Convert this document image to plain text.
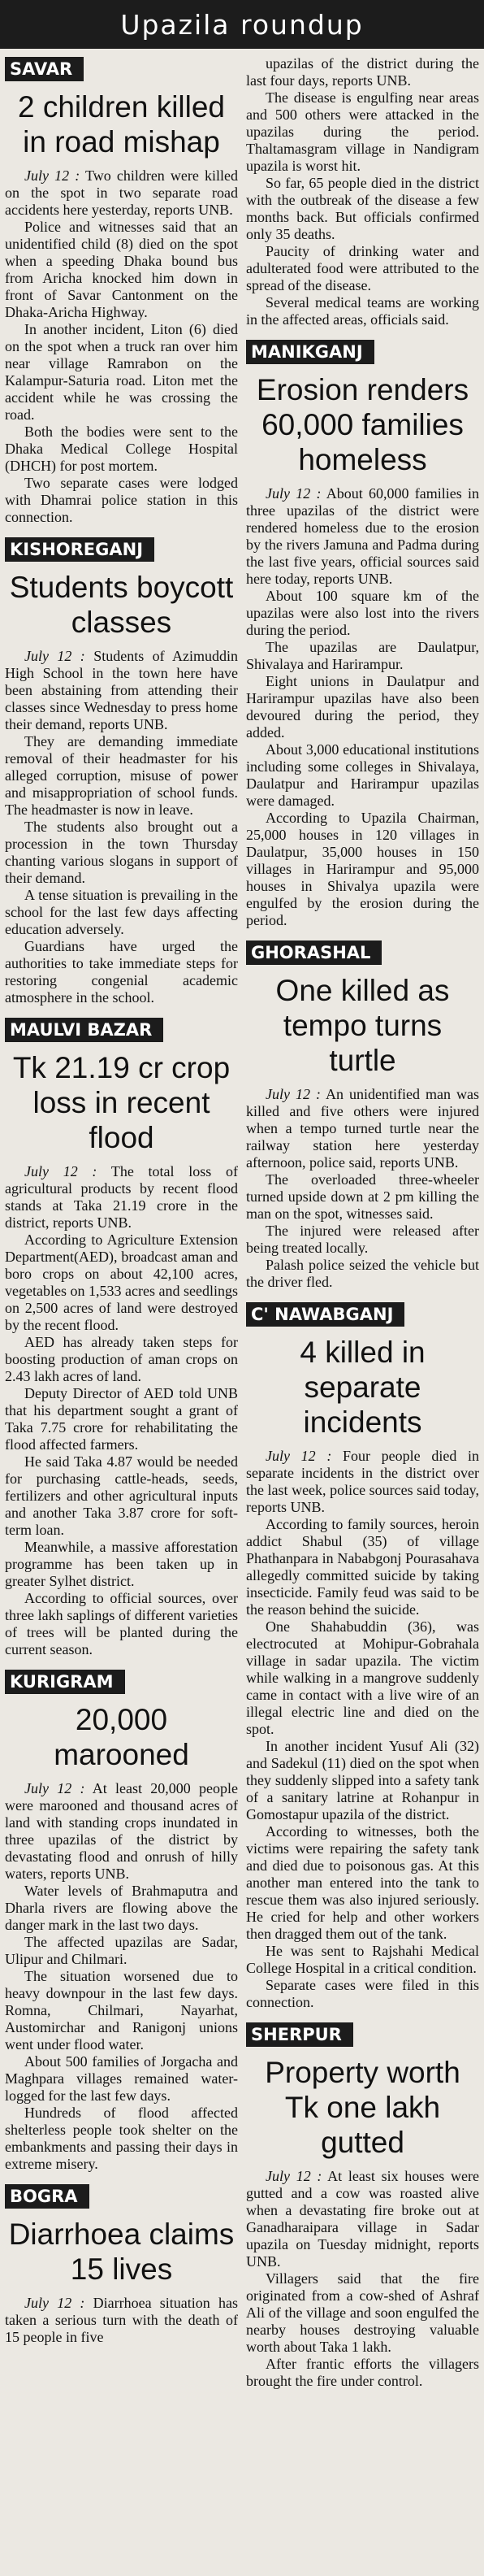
Upazila roundup
SAVAR
2 children killed in road mishap

July 12 : Two children were killed on the spot in two separate road accidents here yesterday, reports UNB.

Police and witnesses said that an unidentified child (8) died on the spot when a speeding Dhaka bound bus from Aricha knocked him down in front of Savar Cantonment on the Dhaka-Aricha Highway.

In another incident, Liton (6) died on the spot when a truck ran over him near village Ramrabon on the Kalampur-Saturia road. Liton met the accident while he was crossing the road.

Both the bodies were sent to the Dhaka Medical College Hospital (DHCH) for post mortem.

Two separate cases were lodged with Dhamrai police station in this connection.

KISHOREGANJ
Students boycott classes

July 12 : Students of Azimuddin High School in the town here have been abstaining from attending their classes since Wednesday to press home their demand, reports UNB.

They are demanding immediate removal of their headmaster for his alleged corruption, misuse of power and misappropriation of school funds. The headmaster is now in leave.

The students also brought out a procession in the town Thursday chanting various slogans in support of their demand.

A tense situation is prevailing in the school for the last few days affecting education adversely.

Guardians have urged the authorities to take immediate steps for restoring congenial academic atmosphere in the school.

MAULVI BAZAR
Tk 21.19 cr crop loss in recent flood

July 12 : The total loss of agricultural products by recent flood stands at Taka 21.19 crore in the district, reports UNB.

According to Agriculture Extension Department(AED), broadcast aman and boro crops on about 42,100 acres, vegetables on 1,533 acres and seedlings on 2,500 acres of land were destroyed by the recent flood.

AED has already taken steps for boosting production of aman crops on 2.43 lakh acres of land.

Deputy Director of AED told UNB that his department sought a grant of Taka 7.75 crore for rehabilitating the flood affected farmers.

He said Taka 4.87 would be needed for purchasing cattle-heads, seeds, fertilizers and other agricultural inputs and another Taka 3.87 crore for soft-term loan.

Meanwhile, a massive afforestation programme has been taken up in greater Sylhet district.

According to official sources, over three lakh saplings of different varieties of trees will be planted during the current season.

KURIGRAM
20,000 marooned

July 12 : At least 20,000 people were marooned and thousand acres of land with standing crops inundated in three upazilas of the district by devastating flood and onrush of hilly waters, reports UNB.

Water levels of Brahmaputra and Dharla rivers are flowing above the danger mark in the last two days.

The affected upazilas are Sadar, Ulipur and Chilmari.

The situation worsened due to heavy downpour in the last few days. Romna, Chilmari, Nayarhat, Austomirchar and Ranigonj unions went under flood water.

About 500 families of Jorgacha and Maghpara villages remained water-logged for the last few days.

Hundreds of flood affected shelterless people took shelter on the embankments and passing their days in extreme misery.

BOGRA
Diarrhoea claims 15 lives

July 12 : Diarrhoea situation has taken a serious turn with the death of 15 people in five

upazilas of the district during the last four days, reports UNB.

The disease is engulfing near areas and 500 others were attacked in the upazilas during the period. Thaltamasgram village in Nandigram upazila is worst hit.

So far, 65 people died in the district with the outbreak of the disease a few months back. But officials confirmed only 35 deaths.

Paucity of drinking water and adulterated food were attributed to the spread of the disease.

Several medical teams are working in the affected areas, officials said.

MANIKGANJ
Erosion renders 60,000 families homeless

July 12 : About 60,000 families in three upazilas of the district were rendered homeless due to the erosion by the rivers Jamuna and Padma during the last five years, official sources said here today, reports UNB.

About 100 square km of the upazilas were also lost into the rivers during the period.

The upazilas are Daulatpur, Shivalaya and Harirampur.

Eight unions in Daulatpur and Harirampur upazilas have also been devoured during the period, they added.

About 3,000 educational institutions including some colleges in Shivalaya, Daulatpur and Harirampur upazilas were damaged.

According to Upazila Chairman, 25,000 houses in 120 villages in Daulatpur, 35,000 houses in 150 villages in Harirampur and 95,000 houses in Shivalya upazila were engulfed by the erosion during the period.

GHORASHAL
One killed as tempo turns turtle

July 12 : An unidentified man was killed and five others were injured when a tempo turned turtle near the railway station here yesterday afternoon, police said, reports UNB.

The overloaded three-wheeler turned upside down at 2 pm killing the man on the spot, witnesses said.

The injured were released after being treated locally.

Palash police seized the vehicle but the driver fled.

C' NAWABGANJ
4 killed in separate incidents

July 12 : Four people died in separate incidents in the district over the last week, police sources said today, reports UNB.

According to family sources, heroin addict Shabul (35) of village Phathanpara in Nababgonj Pourasahava allegedly committed suicide by taking insecticide. Family feud was said to be the reason behind the suicide.

One Shahabuddin (36), was electrocuted at Mohipur-Gobrahala village in sadar upazila. The victim while walking in a mangrove suddenly came in contact with a live wire of an illegal electric line and died on the spot.

In another incident Yusuf Ali (32) and Sadekul (11) died on the spot when they suddenly slipped into a safety tank of a sanitary latrine at Rohanpur in Gomostapur upazila of the district.

According to witnesses, both the victims were repairing the safety tank and died due to poisonous gas. At this another man entered into the tank to rescue them was also injured seriously. He cried for help and other workers then dragged them out of the tank.

He was sent to Rajshahi Medical College Hospital in a critical condition.

Separate cases were filed in this connection.

SHERPUR
Property worth Tk one lakh gutted

July 12 : At least six houses were gutted and a cow was roasted alive when a devastating fire broke out at Ganadharaipara village in Sadar upazila on Tuesday midnight, reports UNB.

Villagers said that the fire originated from a cow-shed of Ashraf Ali of the village and soon engulfed the nearby houses destroying valuable worth about Taka 1 lakh.

After frantic efforts the villagers brought the fire under control.
